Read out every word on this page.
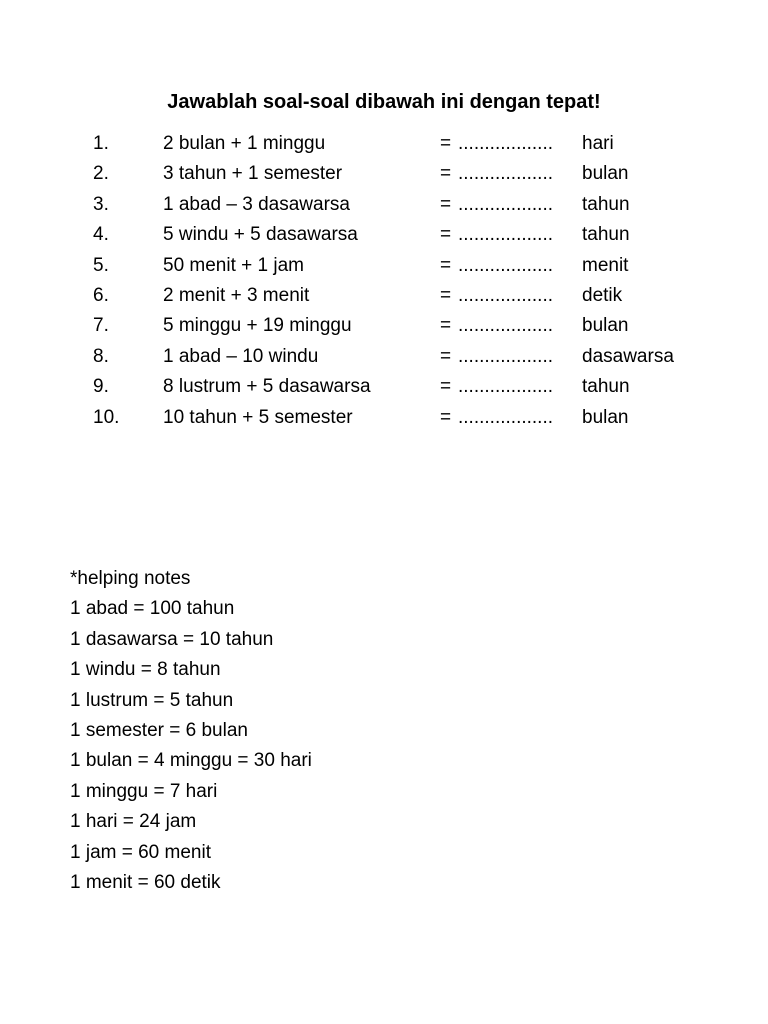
Jawablah soal-soal dibawah ini dengan tepat!
1.	2 bulan + 1 minggu	= .................. hari
2.	3 tahun + 1 semester	= .................. bulan
3.	1 abad – 3 dasawarsa	= .................. tahun
4.	5 windu + 5 dasawarsa	= .................. tahun
5.	50 menit + 1 jam	= .................. menit
6.	2 menit + 3 menit	= .................. detik
7.	5 minggu + 19 minggu	= .................. bulan
8.	1 abad – 10 windu	= .................. dasawarsa
9.	8 lustrum + 5 dasawarsa	= .................. tahun
10. 10 tahun + 5 semester	= .................. bulan
*helping notes
1 abad = 100 tahun
1 dasawarsa = 10 tahun
1 windu = 8 tahun
1 lustrum = 5 tahun
1 semester = 6 bulan
1 bulan = 4 minggu = 30 hari
1 minggu = 7 hari
1 hari = 24 jam
1 jam = 60 menit
1 menit = 60 detik
